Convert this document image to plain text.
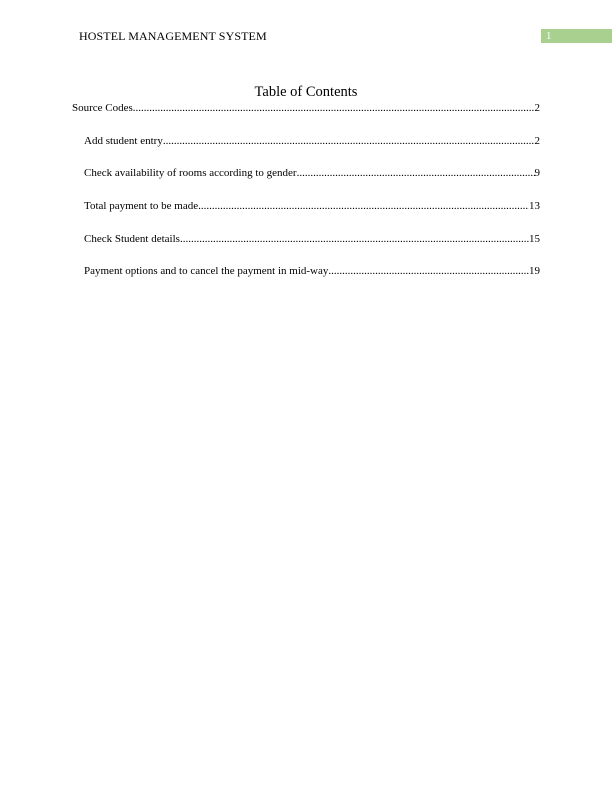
HOSTEL MANAGEMENT SYSTEM	1
Table of Contents
Source Codes .....	2
Add student entry .....	2
Check availability of rooms according to gender .....	9
Total payment to be made .....	13
Check Student details .....	15
Payment options and to cancel the payment in mid-way .....	19
